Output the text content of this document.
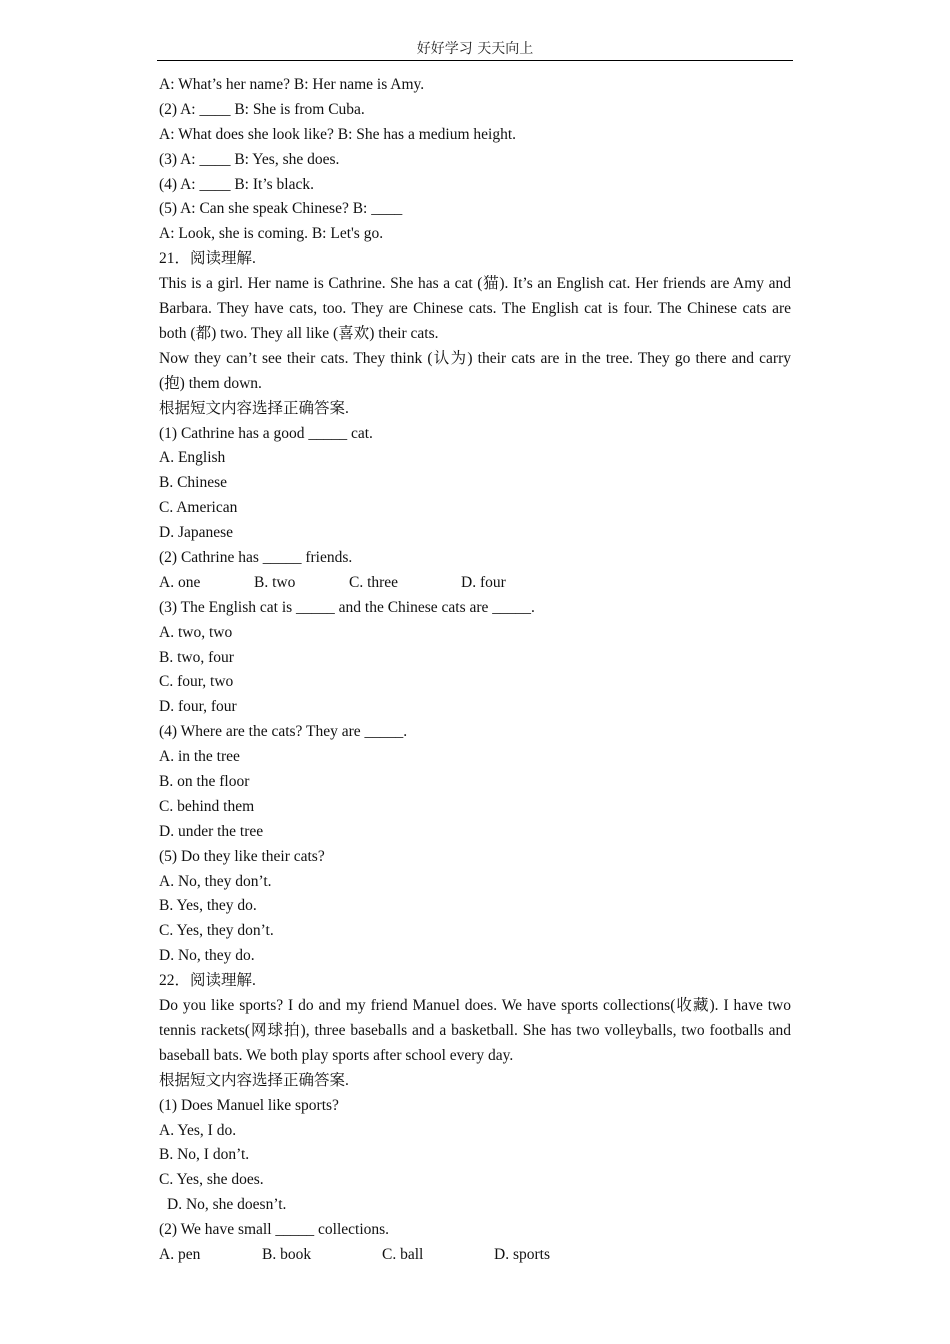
好好学习 天天向上
A: What’s her name? B: Her name is Amy.
(2) A: ____ B: She is from Cuba.
A: What does she look like? B: She has a medium height.
(3) A: ____ B: Yes, she does.
(4) A: ____ B: It’s black.
(5) A: Can she speak Chinese? B: ____
A: Look, she is coming. B: Let's go.
21．阅读理解.
This is a girl. Her name is Cathrine. She has a cat (猫). It’s an English cat. Her friends are Amy and Barbara. They have cats, too. They are Chinese cats. The English cat is four. The Chinese cats are both (都) two. They all like (喜欢) their cats.
Now they can’t see their cats. They think (认为) their cats are in the tree. They go there and carry (抱) them down.
根据短文内容选择正确答案.
(1) Cathrine has a good _____ cat.
A. English
B. Chinese
C. American
D. Japanese
(2) Cathrine has _____ friends.
A. one	B. two	C. three	D. four
(3) The English cat is _____ and the Chinese cats are _____.
A. two, two
B. two, four
C. four, two
D. four, four
(4) Where are the cats? They are _____.
A. in the tree
B. on the floor
C. behind them
D. under the tree
(5) Do they like their cats?
A. No, they don’t.
B. Yes, they do.
C. Yes, they don’t.
D. No, they do.
22．阅读理解.
Do you like sports? I do and my friend Manuel does. We have sports collections(收藏). I have two tennis rackets(网球拍), three baseballs and a basketball. She has two volleyballs, two footballs and baseball bats. We both play sports after school every day.
根据短文内容选择正确答案.
(1) Does Manuel like sports?
A. Yes, I do.
B. No, I don’t.
C. Yes, she does.
D. No, she doesn’t.
(2) We have small _____ collections.
A. pen	B. book	C. ball	D. sports
